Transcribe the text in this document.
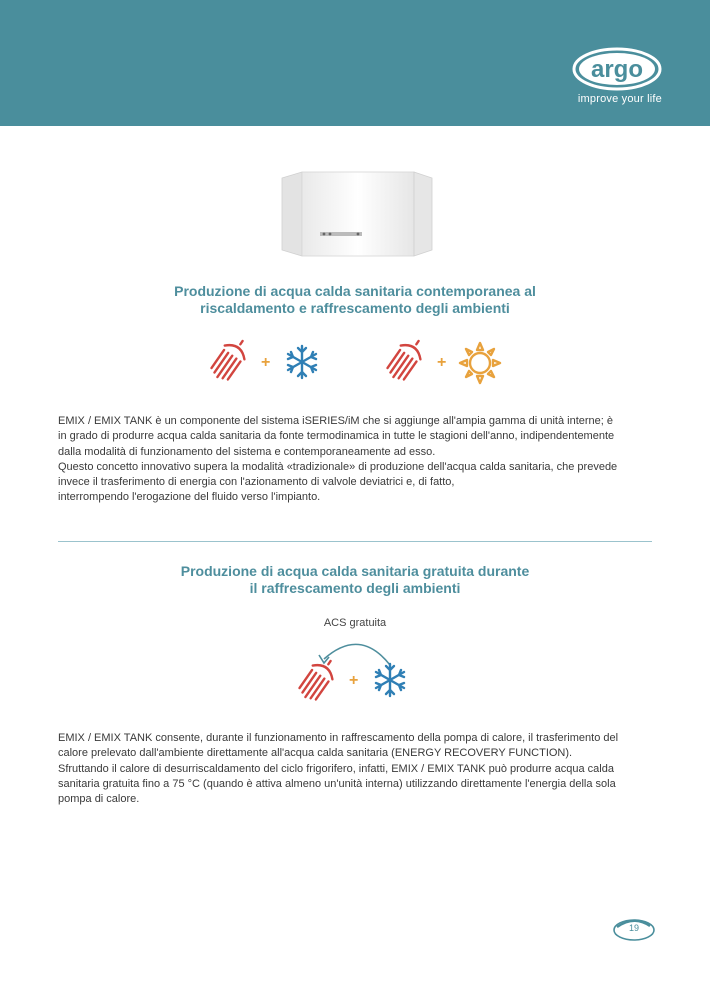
argo
improve your life
Produzione di acqua calda sanitaria contemporanea al
riscaldamento e raffrescamento degli ambienti
+	+

EMIX / EMIX TANK è un componente del sistema iSERIES/iM che si aggiunge all'ampia gamma di unità interne; è
in grado di produrre acqua calda sanitaria da fonte termodinamica in tutte le stagioni dell'anno, indipendentemente
dalla modalità di funzionamento del sistema e contemporaneamente ad esso.
Questo concetto innovativo supera la modalità «tradizionale» di produzione dell'acqua calda sanitaria, che prevede
invece il trasferimento di energia con l'azionamento di valvole deviatrici e, di fatto,
interrompendo l'erogazione del fluido verso l'impianto.

Produzione di acqua calda sanitaria gratuita durante
il raffrescamento degli ambienti
ACS gratuita
+

EMIX / EMIX TANK consente, durante il funzionamento in raffrescamento della pompa di calore, il trasferimento del
calore prelevato dall'ambiente direttamente all'acqua calda sanitaria (ENERGY RECOVERY FUNCTION).
Sfruttando il calore di desurriscaldamento del ciclo frigorifero, infatti, EMIX / EMIX TANK può produrre acqua calda
sanitaria gratuita fino a 75 °C (quando è attiva almeno un'unità interna) utilizzando direttamente l'energia della sola
pompa di calore.

19
